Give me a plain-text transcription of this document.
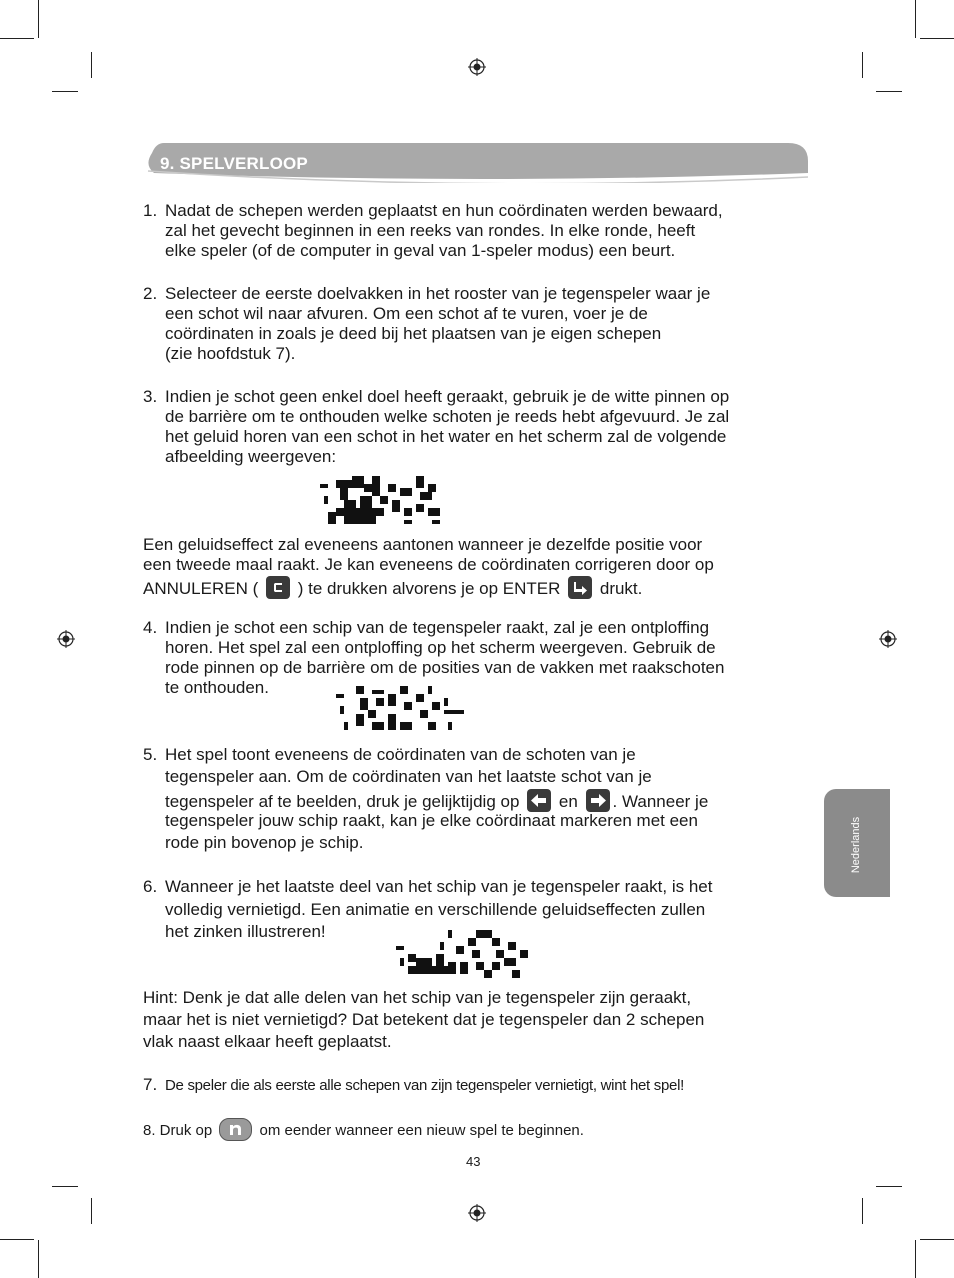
9. SPELVERLOOP
1. Nadat de schepen werden geplaatst en hun coördinaten werden bewaard,
zal het gevecht beginnen in een reeks van rondes. In elke ronde, heeft
elke speler (of de computer in geval van 1-speler modus) een beurt.
2. Selecteer de eerste doelvakken in het rooster van je tegenspeler waar je
een schot wil naar afvuren. Om een schot af te vuren, voer je de
coördinaten in zoals je deed bij het plaatsen van je eigen schepen
(zie hoofdstuk 7).
3. Indien je schot geen enkel doel heeft geraakt, gebruik je de witte pinnen op
de barrière om te onthouden welke schoten je reeds hebt afgevuurd. Je zal
het geluid horen van een schot in het water en het scherm zal de volgende
afbeelding weergeven:
Een geluidseffect zal eveneens aantonen wanneer je dezelfde positie voor
een tweede maal raakt. Je kan eveneens de coördinaten corrigeren door op
ANNULEREN ( ) te drukken alvorens je op ENTER drukt.
4. Indien je schot een schip van de tegenspeler raakt, zal je een ontploffing
horen. Het spel zal een ontploffing op het scherm weergeven. Gebruik de
rode pinnen op de barrière om de posities van de vakken met raakschoten
te onthouden.
5. Het spel toont eveneens de coördinaten van de schoten van je
tegenspeler aan. Om de coördinaten van het laatste schot van je
tegenspeler af te beelden, druk je gelijktijdig op en . Wanneer je
tegenspeler jouw schip raakt, kan je elke coördinaat markeren met een
rode pin bovenop je schip.
6. Wanneer je het laatste deel van het schip van je tegenspeler raakt, is het
volledig vernietigd. Een animatie en verschillende geluidseffecten zullen
het zinken illustreren!
Hint: Denk je dat alle delen van het schip van je tegenspeler zijn geraakt,
maar het is niet vernietigd? Dat betekent dat je tegenspeler dan 2 schepen
vlak naast elkaar heeft geplaatst.
7. De speler die als eerste alle schepen van zijn tegenspeler vernietigt, wint het spel!
8. Druk op	om eender wanneer een nieuw spel te beginnen.
Nederlands
43
